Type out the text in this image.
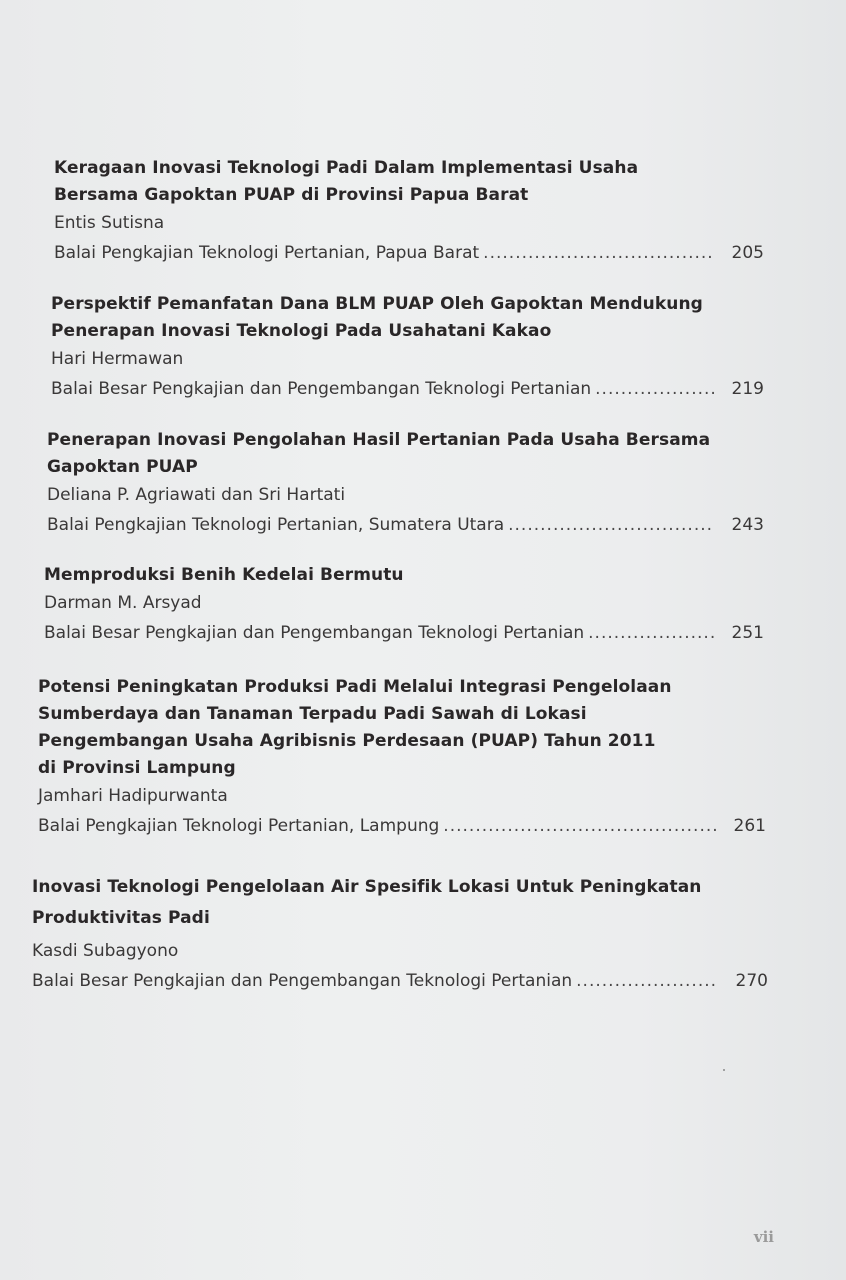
Keragaan Inovasi Teknologi Padi Dalam Implementasi Usaha
Bersama Gapoktan PUAP di Provinsi Papua Barat
Entis Sutisna
Balai Pengkajian Teknologi Pertanian, Papua Barat .....	205
Perspektif Pemanfatan Dana BLM PUAP Oleh Gapoktan Mendukung
Penerapan Inovasi Teknologi Pada Usahatani Kakao
Hari Hermawan
Balai Besar Pengkajian dan Pengembangan Teknologi Pertanian .....	219
Penerapan Inovasi Pengolahan Hasil Pertanian Pada Usaha Bersama
Gapoktan PUAP
Deliana P. Agriawati dan Sri Hartati
Balai Pengkajian Teknologi Pertanian, Sumatera Utara .....	243
Memproduksi Benih Kedelai Bermutu
Darman M. Arsyad
Balai Besar Pengkajian dan Pengembangan Teknologi Pertanian .....	251
Potensi Peningkatan Produksi Padi Melalui Integrasi Pengelolaan
Sumberdaya dan Tanaman Terpadu Padi Sawah di Lokasi
Pengembangan Usaha Agribisnis Perdesaan (PUAP) Tahun 2011
di Provinsi Lampung
Jamhari Hadipurwanta
Balai Pengkajian Teknologi Pertanian, Lampung .....	261
Inovasi Teknologi Pengelolaan Air Spesifik Lokasi Untuk Peningkatan
Produktivitas Padi
Kasdi Subagyono
Balai Besar Pengkajian dan Pengembangan Teknologi Pertanian .....	270
vii
